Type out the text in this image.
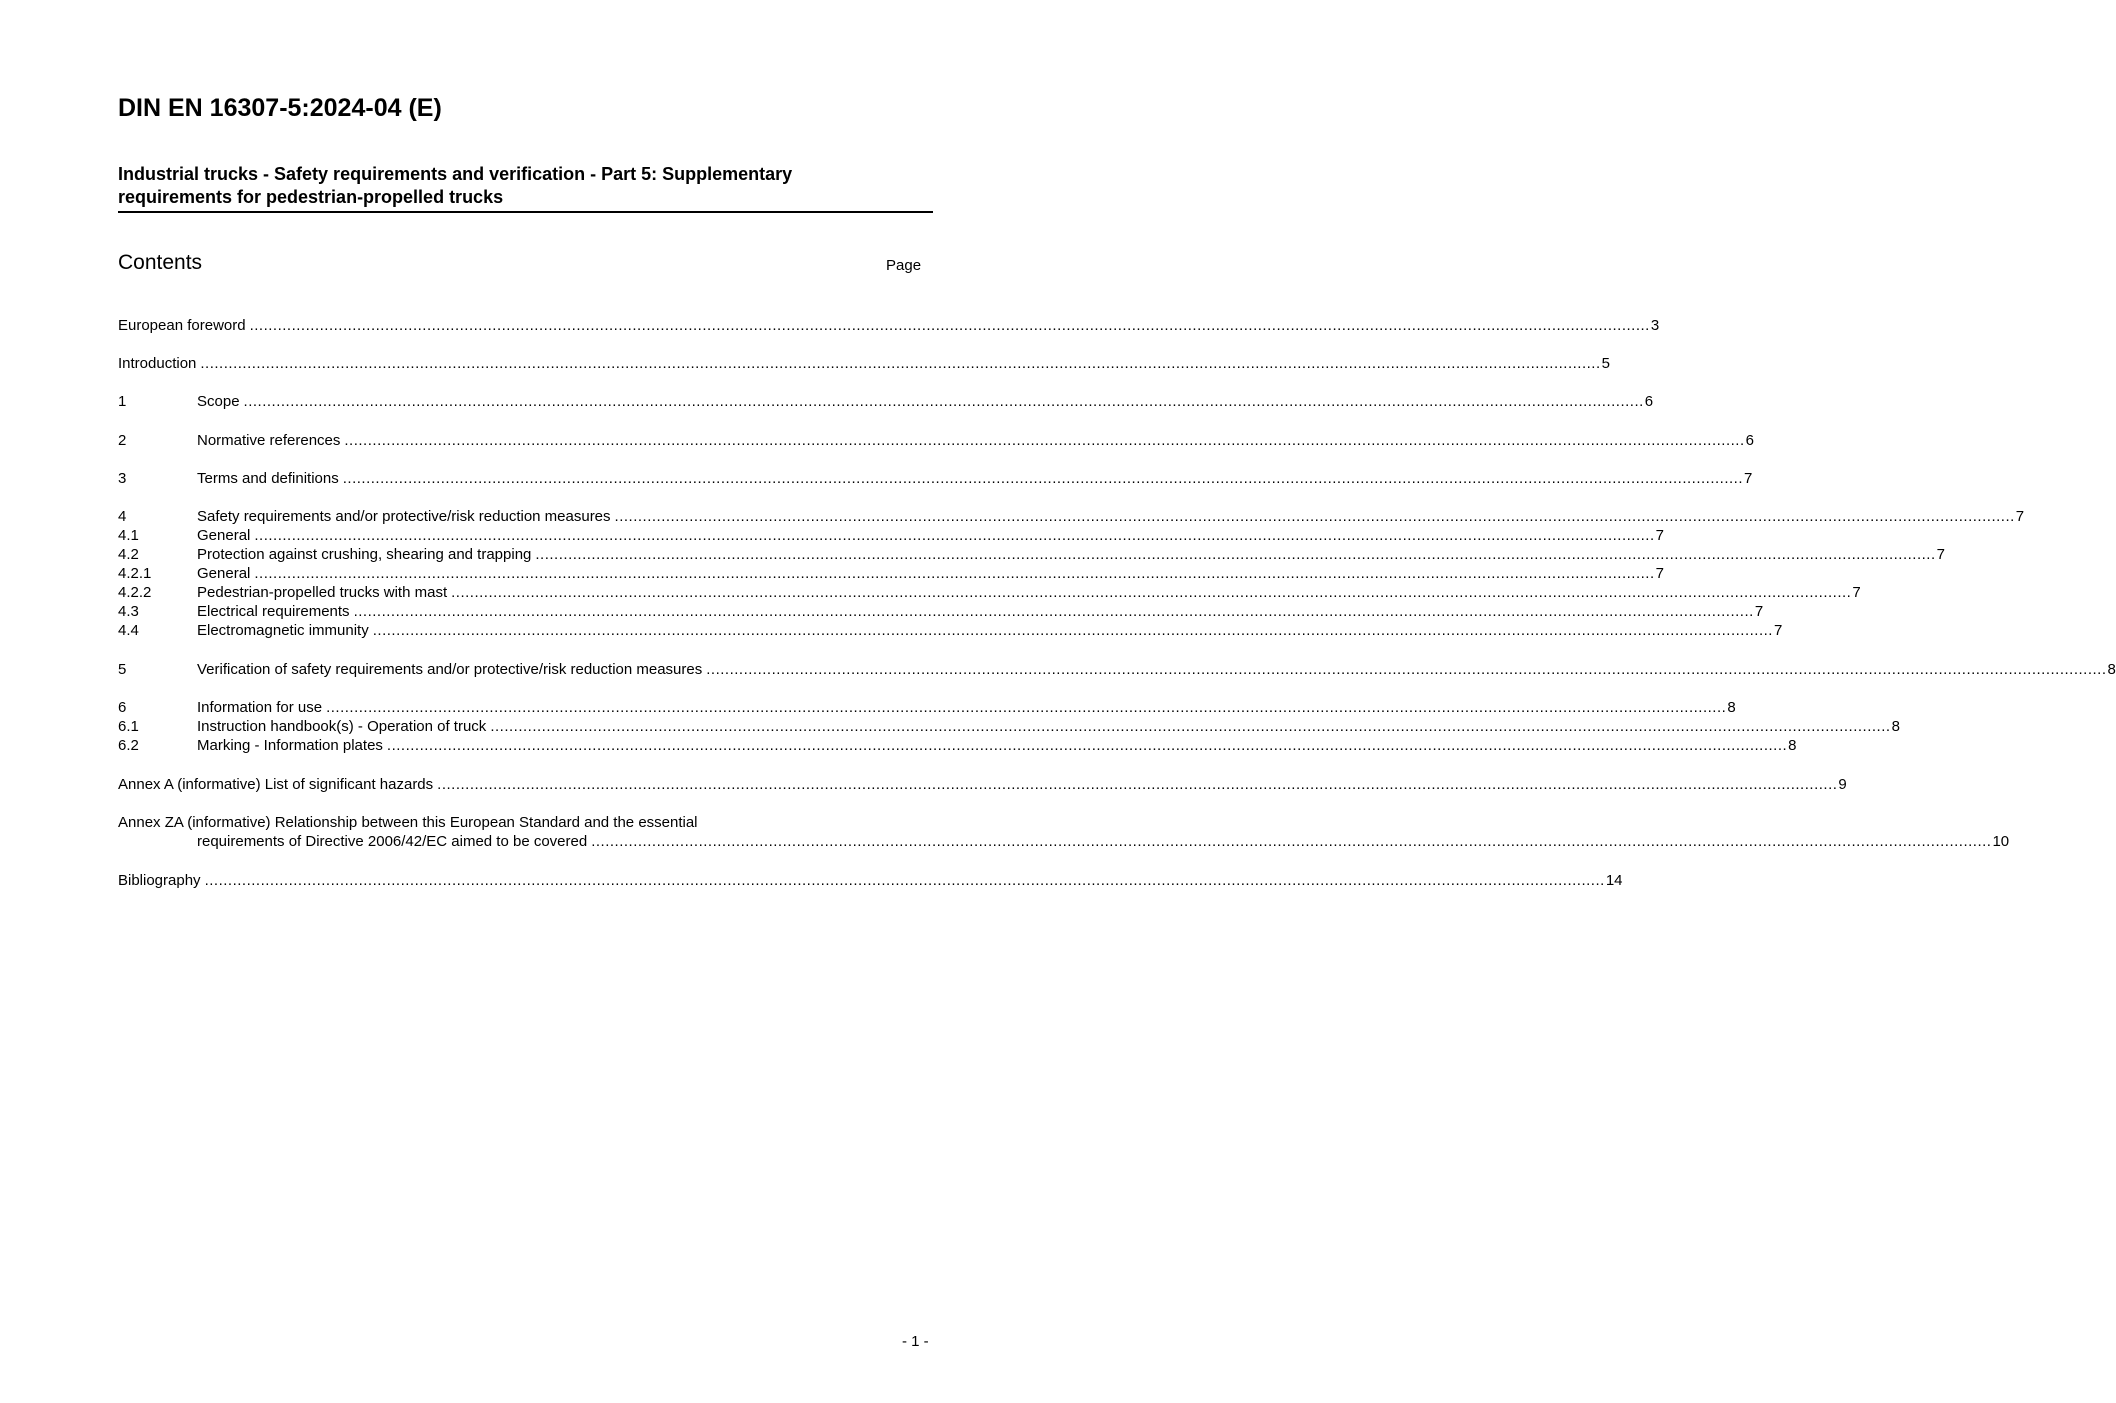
DIN EN 16307-5:2024-04 (E)
Industrial trucks - Safety requirements and verification - Part 5: Supplementary
requirements for pedestrian-propelled trucks
Contents	Page
European foreword ............................................................................................................................................................................................................................................................................................................ 3
Introduction ............................................................................................................................................................................................................................................................................................................ 5
1	Scope ............................................................................................................................................................................................................................................................................................................ 6
2	Normative references ............................................................................................................................................................................................................................................................................................................ 6
3	Terms and definitions ............................................................................................................................................................................................................................................................................................................ 7
4	Safety requirements and/or protective/risk reduction measures ............................................................................................................................................................................................................................................................................................................ 7
4.1	General ............................................................................................................................................................................................................................................................................................................ 7
4.2	Protection against crushing, shearing and trapping ............................................................................................................................................................................................................................................................................................................ 7
4.2.1	General ............................................................................................................................................................................................................................................................................................................ 7
4.2.2	Pedestrian-propelled trucks with mast ............................................................................................................................................................................................................................................................................................................ 7
4.3	Electrical requirements ............................................................................................................................................................................................................................................................................................................ 7
4.4	Electromagnetic immunity ............................................................................................................................................................................................................................................................................................................ 7
5	Verification of safety requirements and/or protective/risk reduction measures ............................................................................................................................................................................................................................................................................................................ 8
6	Information for use ............................................................................................................................................................................................................................................................................................................ 8
6.1	Instruction handbook(s) - Operation of truck ............................................................................................................................................................................................................................................................................................................ 8
6.2	Marking - Information plates ............................................................................................................................................................................................................................................................................................................ 8
Annex A (informative) List of significant hazards ............................................................................................................................................................................................................................................................................................................ 9
Annex ZA (informative) Relationship between this European Standard and the essential
requirements of Directive 2006/42/EC aimed to be covered ............................................................................................................................................................................................................................................................................................................ 10
Bibliography ............................................................................................................................................................................................................................................................................................................ 14
- 1 -
